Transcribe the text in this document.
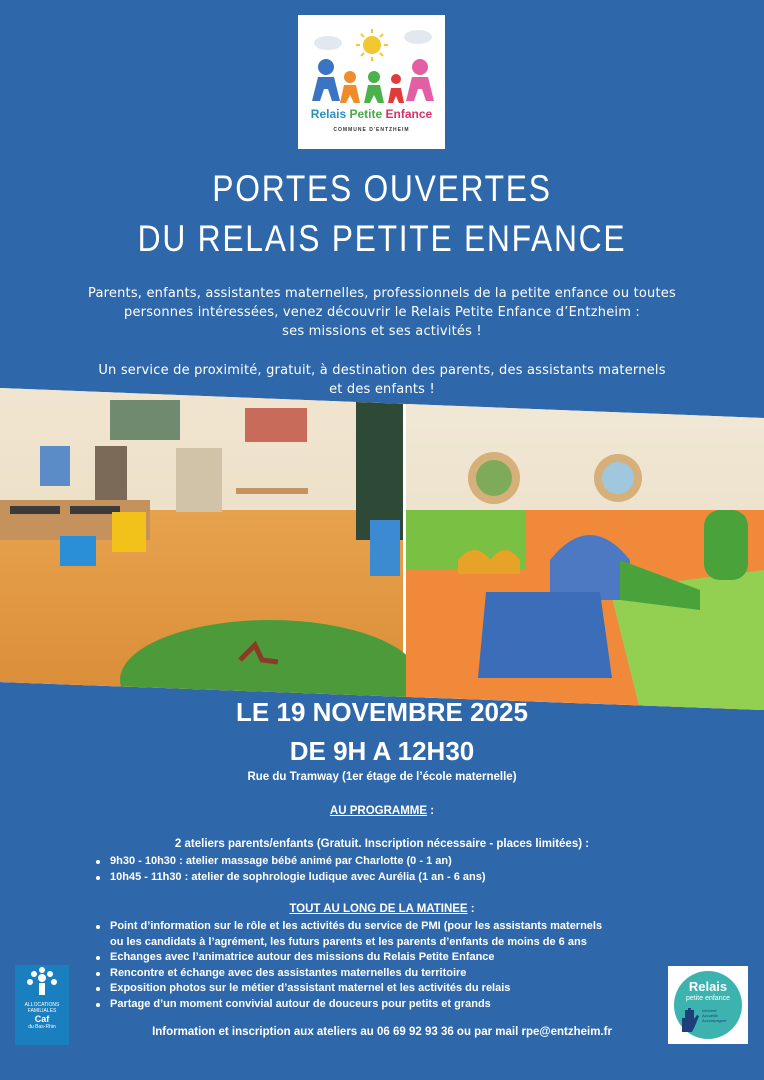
Relais Petite Enfance
COMMUNE D'ENTZHEIM
PORTES OUVERTES
DU RELAIS PETITE ENFANCE

Parents, enfants, assistantes maternelles, professionnels de la petite enfance ou toutes

personnes intéressées, venez découvrir le Relais Petite Enfance d’Entzheim :

ses missions et ses activités !

Un service de proximité, gratuit, à destination des parents, des assistants maternels

et des enfants !

LE 19 NOVEMBRE 2025
DE 9H A 12H30
Rue du Tramway (1er étage de l’école maternelle)
AU PROGRAMME :
2 ateliers parents/enfants (Gratuit. Inscription nécessaire - places limitées) :
9h30 - 10h30 : atelier massage bébé animé par Charlotte (0 - 1 an)
10h45 - 11h30 : atelier de sophrologie ludique avec Aurélia (1 an - 6 ans)
TOUT AU LONG DE LA MATINEE :
Point d’information sur le rôle et les activités du service de PMI (pour les assistants maternels
ou les candidats à l’agrément, les futurs parents et les parents d’enfants de moins de 6 ans
Echanges avec l’animatrice autour des missions du Relais Petite Enfance
Rencontre et échange avec des assistantes maternelles du territoire
Exposition photos sur le métier d’assistant maternel et les activités du relais
Partage d’un moment convivial autour de douceurs pour petits et grands
Information et inscription aux ateliers au 06 69 92 93 36 ou par mail rpe@entzheim.fr
ALLOCATIONS
FAMILIALES
Caf
du Bas-Rhin
Relais
petite enfance
Informer
Accueillir
Accompagner
